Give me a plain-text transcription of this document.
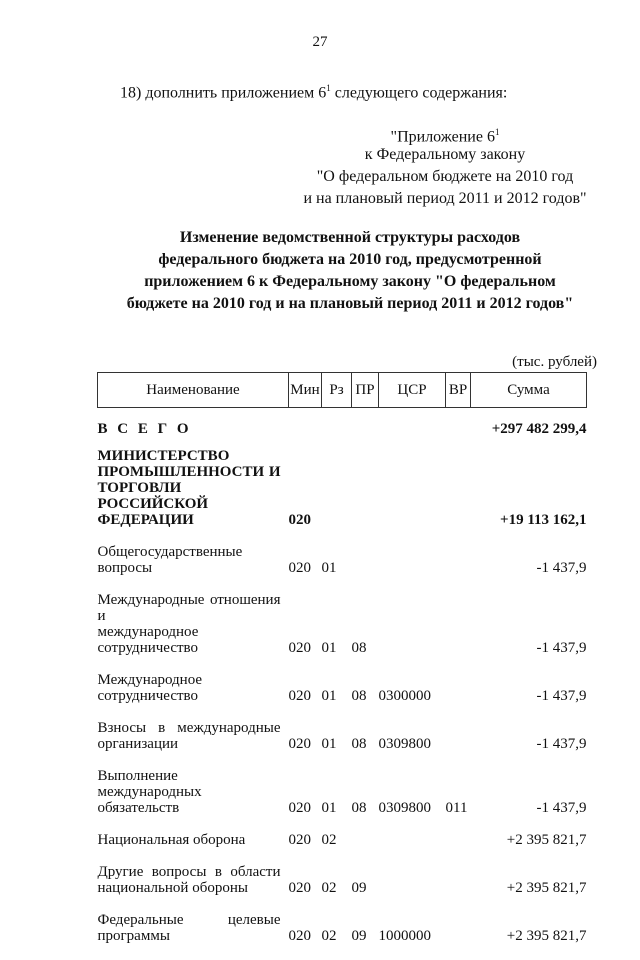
27
18) дополнить приложением $6^1$ следующего содержания:
"Приложение $6^1$
к Федеральному закону
"О федеральном бюджете на 2010 год
и на плановый период 2011 и 2012 годов"
Изменение ведомственной структуры расходов
федерального бюджета на 2010 год, предусмотренной
приложением 6 к Федеральному закону "О федеральном
бюджете на 2010 год и на плановый период 2011 и 2012 годов"
(тыс. рублей)
Наименование	Мин	Рз	ПР	ЦСР	ВР	Сумма

В С Е Г О						+297 482 299,4

МИНИСТЕРСТВО
ПРОМЫШЛЕННОСТИ И
ТОРГОВЛИ РОССИЙСКОЙ
ФЕДЕРАЦИИ	020					+19 113 162,1

Общегосударственные вопросы	020	01				-1 437,9

Международные отношения и
международное сотрудничество	020	01	08			-1 437,9

Международное сотрудничество	020	01	08	0300000		-1 437,9

Взносы в международные
организации	020	01	08	0309800		-1 437,9

Выполнение международных
обязательств	020	01	08	0309800	011	-1 437,9

Национальная оборона	020	02				+2 395 821,7

Другие вопросы в области
национальной обороны	020	02	09			+2 395 821,7

Федеральные целевые
программы	020	02	09	1000000		+2 395 821,7
